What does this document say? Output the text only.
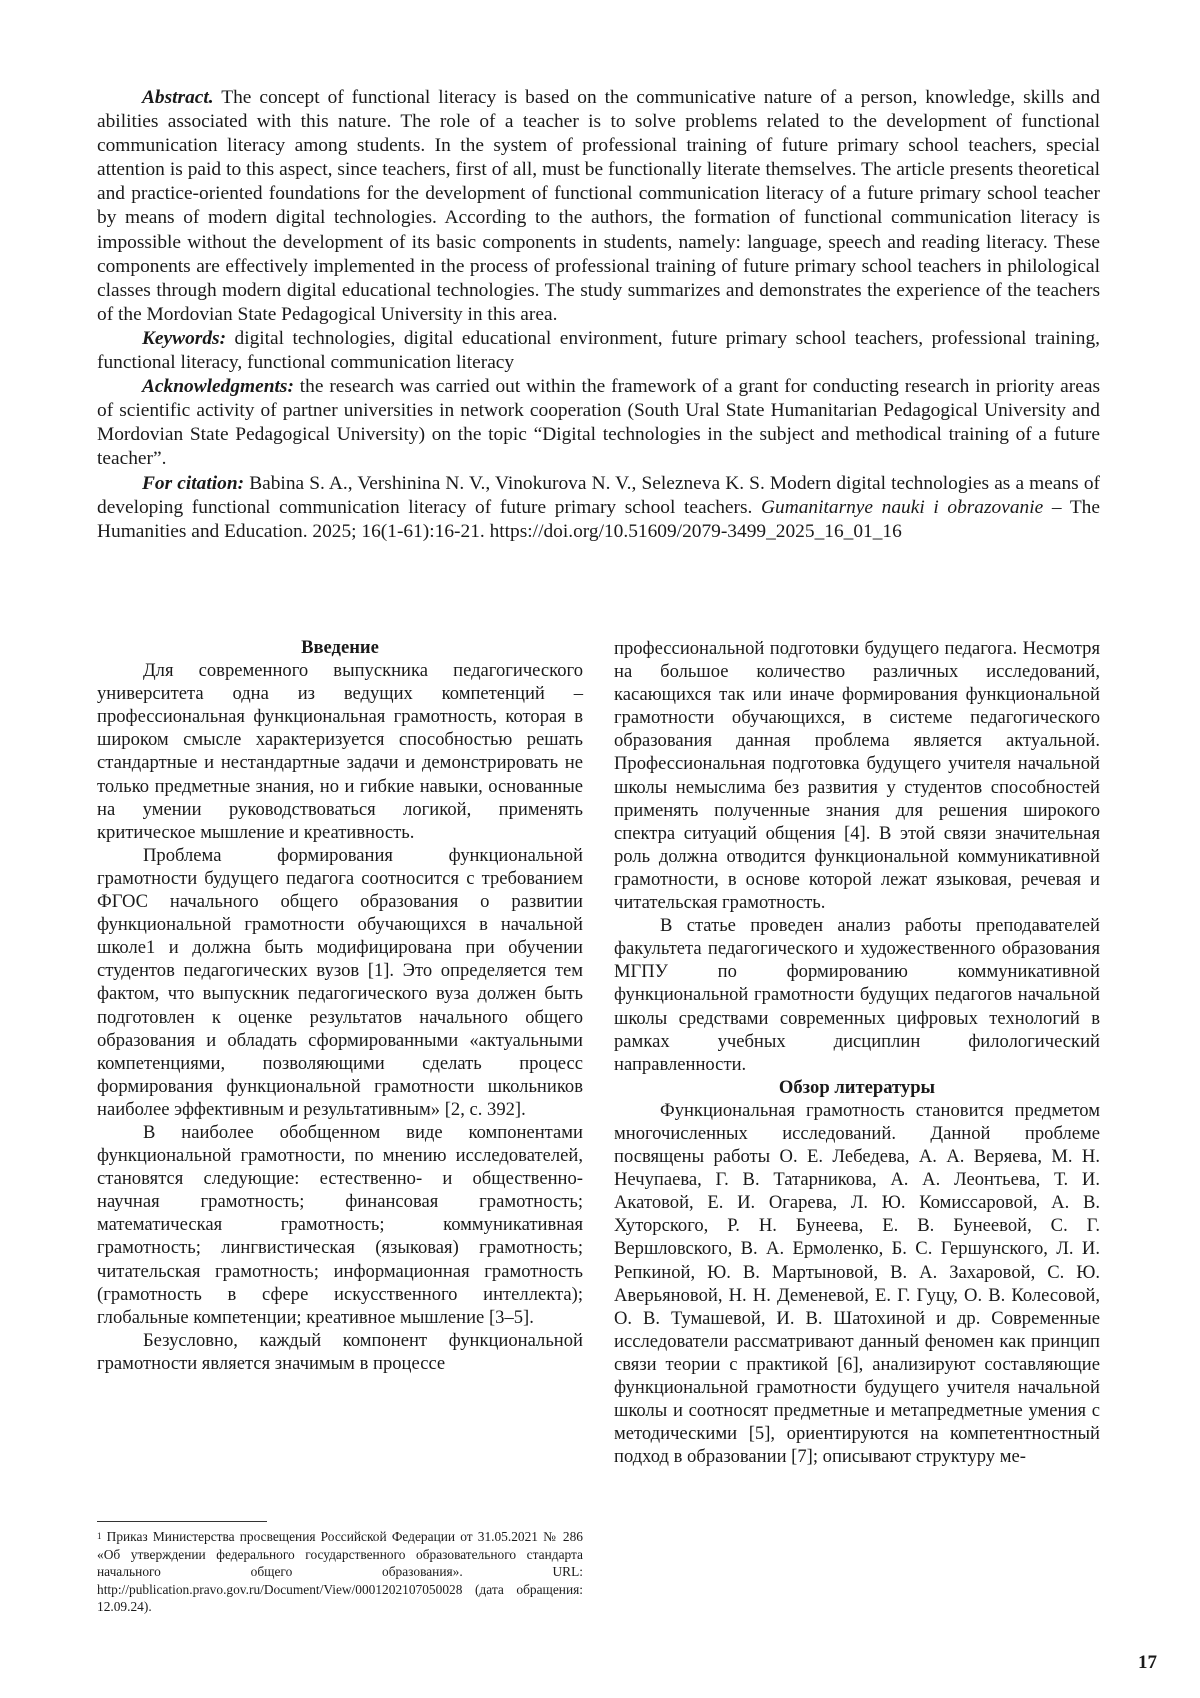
Abstract. The concept of functional literacy is based on the communicative nature of a person, knowledge, skills and abilities associated with this nature. The role of a teacher is to solve problems related to the development of functional communication literacy among students. In the system of professional training of future primary school teachers, special attention is paid to this aspect, since teachers, first of all, must be functionally literate themselves. The article presents theoretical and practice-oriented foundations for the development of functional communication literacy of a future primary school teacher by means of modern digital technologies. According to the authors, the formation of functional communication literacy is impossible without the development of its basic components in students, namely: language, speech and reading literacy. These components are effectively implemented in the process of professional training of future primary school teachers in philological classes through modern digital educational technologies. The study summarizes and demonstrates the experience of the teachers of the Mordovian State Pedagogical University in this area.

Keywords: digital technologies, digital educational environment, future primary school teachers, professional training, functional literacy, functional communication literacy

Acknowledgments: the research was carried out within the framework of a grant for conducting research in priority areas of scientific activity of partner universities in network cooperation (South Ural State Humanitarian Pedagogical University and Mordovian State Pedagogical University) on the topic “Digital technologies in the subject and methodical training of a future teacher”.

For citation: Babina S. A., Vershinina N. V., Vinokurova N. V., Selezneva K. S. Modern digital technologies as a means of developing functional communication literacy of future primary school teachers. Gumanitarnye nauki i obrazovanie – The Humanities and Education. 2025; 16(1-61):16-21. https://doi.org/10.51609/2079-3499_2025_16_01_16

Введение

Для современного выпускника педагогического университета одна из ведущих компетенций – профессиональная функциональная грамотность, которая в широком смысле характеризуется способностью решать стандартные и нестандартные задачи и демонстрировать не только предметные знания, но и гибкие навыки, основанные на умении руководствоваться логикой, применять критическое мышление и креативность.

Проблема формирования функциональной грамотности будущего педагога соотносится с требованием ФГОС начального общего образования о развитии функциональной грамотности обучающихся в начальной школе1 и должна быть модифицирована при обучении студентов педагогических вузов [1]. Это определяется тем фактом, что выпускник педагогического вуза должен быть подготовлен к оценке результатов начального общего образования и обладать сформированными «актуальными компетенциями, позволяющими сделать процесс формирования функциональной грамотности школьников наиболее эффективным и результативным» [2, с. 392].

В наиболее обобщенном виде компонентами функциональной грамотности, по мнению исследователей, становятся следующие: естественно- и общественно-научная грамотность; финансовая грамотность; математическая грамотность; коммуникативная грамотность; лингвистическая (языковая) грамотность; читательская грамотность; информационная грамотность (грамотность в сфере искусственного интеллекта); глобальные компетенции; креативное мышление [3–5].

Безусловно, каждый компонент функциональной грамотности является значимым в процессе

$^1$ Приказ Министерства просвещения Российской Федерации от 31.05.2021 № 286 «Об утверждении федерального государственного образовательного стандарта начального общего образования». URL: http://publication.pravo.gov.ru/Document/View/0001202107050028 (дата обращения: 12.09.24).

профессиональной подготовки будущего педагога. Несмотря на большое количество различных исследований, касающихся так или иначе формирования функциональной грамотности обучающихся, в системе педагогического образования данная проблема является актуальной. Профессиональная подготовка будущего учителя начальной школы немыслима без развития у студентов способностей применять полученные знания для решения широкого спектра ситуаций общения [4]. В этой связи значительная роль должна отводится функциональной коммуникативной грамотности, в основе которой лежат языковая, речевая и читательская грамотность.

В статье проведен анализ работы преподавателей факультета педагогического и художественного образования МГПУ по формированию коммуникативной функциональной грамотности будущих педагогов начальной школы средствами современных цифровых технологий в рамках учебных дисциплин филологический направленности.

Обзор литературы

Функциональная грамотность становится предметом многочисленных исследований. Данной проблеме посвящены работы О. Е. Лебедева, А. А. Веряева, М. Н. Нечупаева, Г. В. Татарникова, А. А. Леонтьева, Т. И. Акатовой, Е. И. Огарева, Л. Ю. Комиссаровой, А. В. Хуторского, Р. Н. Бунеева, Е. В. Бунеевой, С. Г. Вершловского, В. А. Ермоленко, Б. С. Гершунского, Л. И. Репкиной, Ю. В. Мартыновой, В. А. Захаровой, С. Ю. Аверьяновой, Н. Н. Деменевой, Е. Г. Гуцу, О. В. Колесовой, О. В. Тумашевой, И. В. Шатохиной и др. Современные исследователи рассматривают данный феномен как принцип связи теории с практикой [6], анализируют составляющие функциональной грамотности будущего учителя начальной школы и соотносят предметные и метапредметные умения с методическими [5], ориентируются на компетентностный подход в образовании [7]; описывают структуру ме-

17
